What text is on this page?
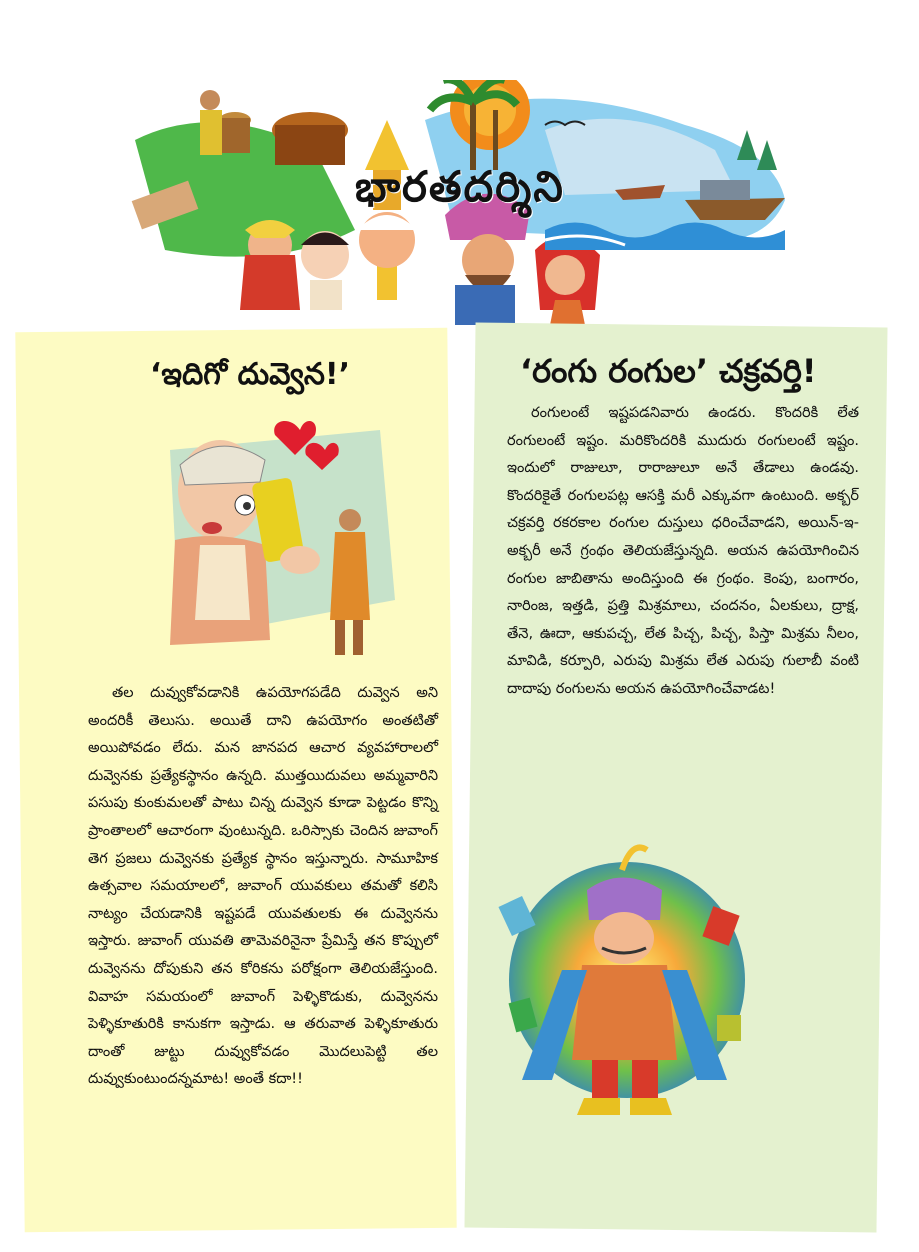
భారతదర్శిని
‘ఇదిగో దువ్వెన!’

తల దువ్వుకోవడానికి ఉపయోగపడేది దువ్వెన అని అందరికీ తెలుసు. అయితే దాని ఉపయోగం అంతటితో అయిపోవడం లేదు. మన జానపద ఆచార వ్యవహారాలలో దువ్వెనకు ప్రత్యేకస్థానం ఉన్నది. ముత్తయిదువలు అమ్మవారిని పసుపు కుంకుమలతో పాటు చిన్న దువ్వెన కూడా పెట్టడం కొన్ని ప్రాంతాలలో ఆచారంగా వుంటున్నది. ఒరిస్సాకు చెందిన జువాంగ్ తెగ ప్రజలు దువ్వెనకు ప్రత్యేక స్థానం ఇస్తున్నారు. సామూహిక ఉత్సవాల సమయాలలో, జువాంగ్ యువకులు తమతో కలిసి నాట్యం చేయడానికి ఇష్టపడే యువతులకు ఈ దువ్వెనను ఇస్తారు. జువాంగ్ యువతి తామెవరినైనా ప్రేమిస్తే తన కొప్పులో దువ్వెనను దోపుకుని తన కోరికను పరోక్షంగా తెలియజేస్తుంది. వివాహ సమయంలో జువాంగ్ పెళ్ళికొడుకు, దువ్వెనను పెళ్ళికూతురికి కానుకగా ఇస్తాడు. ఆ తరువాత పెళ్ళికూతురు దాంతో జుట్టు దువ్వుకోవడం మొదలుపెట్టి తల దువ్వుకుంటుందన్నమాట! అంతే కదా!!

‘రంగు రంగుల’ చక్రవర్తి!

రంగులంటే ఇష్టపడనివారు ఉండరు. కొందరికి లేత రంగులంటే ఇష్టం. మరికొందరికి ముదురు రంగులంటే ఇష్టం. ఇందులో రాజులూ, రారాజులూ అనే తేడాలు ఉండవు. కొందరికైతే రంగులపట్ల ఆసక్తి మరీ ఎక్కువగా ఉంటుంది. అక్బర్ చక్రవర్తి రకరకాల రంగుల దుస్తులు ధరించేవాడని, అయిన్-ఇ-అక్బరీ అనే గ్రంథం తెలియజేస్తున్నది. అయన ఉపయోగించిన రంగుల జాబితాను అందిస్తుంది ఈ గ్రంథం. కెంపు, బంగారం, నారింజ, ఇత్తడి, ప్రత్తి మిశ్రమాలు, చందనం, ఏలకులు, ద్రాక్ష, తేనె, ఊదా, ఆకుపచ్చ, లేత పిచ్చ, పిచ్చ, పిస్తా మిశ్రమ నీలం, మావిడి, కర్పూరి, ఎరుపు మిశ్రమ లేత ఎరుపు గులాబీ వంటి దాదాపు రంగులను అయన ఉపయోగించేవాడట!
